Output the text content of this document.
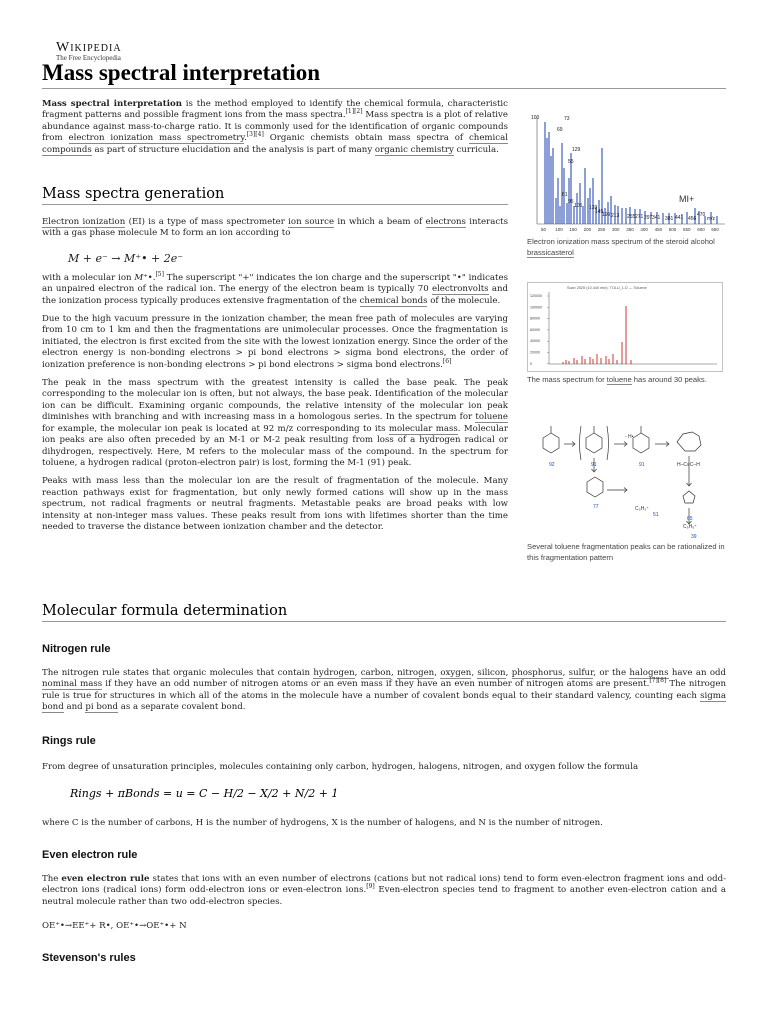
Wikipedia
The Free Encyclopedia
Mass spectral interpretation

Mass spectral interpretation is the method employed to identify the chemical formula, characteristic fragment patterns and possible fragment ions from the mass spectra.[1][2] Mass spectra is a plot of relative abundance against mass-to-charge ratio. It is commonly used for the identification of organic compounds from electron ionization mass spectrometry.[3][4] Organic chemists obtain mass spectra of chemical compounds as part of structure elucidation and the analysis is part of many organic chemistry curricula.

Mass spectra generation

Electron ionization (EI) is a type of mass spectrometer ion source in which a beam of electrons interacts with a gas phase molecule M to form an ion according to

M + e⁻ → M⁺• + 2e⁻

with a molecular ion M⁺•.[5] The superscript "+" indicates the ion charge and the superscript "•" indicates an unpaired electron of the radical ion. The energy of the electron beam is typically 70 electronvolts and the ionization process typically produces extensive fragmentation of the chemical bonds of the molecule.

Due to the high vacuum pressure in the ionization chamber, the mean free path of molecules are varying from 10 cm to 1 km and then the fragmentations are unimolecular processes. Once the fragmentation is initiated, the electron is first excited from the site with the lowest ionization energy. Since the order of the electron energy is non-bonding electrons > pi bond electrons > sigma bond electrons, the order of ionization preference is non-bonding electrons > pi bond electrons > sigma bond electrons.[6]

The peak in the mass spectrum with the greatest intensity is called the base peak. The peak corresponding to the molecular ion is often, but not always, the base peak. Identification of the molecular ion can be difficult. Examining organic compounds, the relative intensity of the molecular ion peak diminishes with branching and with increasing mass in a homologous series. In the spectrum for toluene for example, the molecular ion peak is located at 92 m/z corresponding to its molecular mass. Molecular ion peaks are also often preceded by an M-1 or M-2 peak resulting from loss of a hydrogen radical or dihydrogen, respectively. Here, M refers to the molecular mass of the compound. In the spectrum for toluene, a hydrogen radical (proton-electron pair) is lost, forming the M-1 (91) peak.

Peaks with mass less than the molecular ion are the result of fragmentation of the molecule. Many reaction pathways exist for fragmentation, but only newly formed cations will show up in the mass spectrum, not radical fragments or neutral fragments. Metastable peaks are broad peaks with low intensity at non-integer mass values. These peaks result from ions with lifetimes shorter than the time needed to traverse the distance between ionization chamber and the detector.

100	73
69
55
129
81
95
105 133
145
199 213 255 271 297 341 381 441 456
470
m/z
50 100 150 200 250 300 350 400 450 500 550 600 650
MI+
Electron ionization mass spectrum of the steroid alcohol brassicasterol
Scan 2525 (10.440 min): TOLU_1.D — Toluene
120000
100000
80000
60000
40000
20000
0
The mass spectrum for toluene has around 30 peaks.
92	91	91
77
65
51
39
- H•
H–C≡C–H
C₃H₃⁺
C₅H₅⁺
Several toluene fragmentation peaks can be rationalized in this fragmentation pattern
Molecular formula determination
Nitrogen rule

The nitrogen rule states that organic molecules that contain hydrogen, carbon, nitrogen, oxygen, silicon, phosphorus, sulfur, or the halogens have an odd nominal mass if they have an odd number of nitrogen atoms or an even mass if they have an even number of nitrogen atoms are present.[7][8] The nitrogen rule is true for structures in which all of the atoms in the molecule have a number of covalent bonds equal to their standard valency, counting each sigma bond and pi bond as a separate covalent bond.

Rings rule
From degree of unsaturation principles, molecules containing only carbon, hydrogen, halogens, nitrogen, and oxygen follow the formula
Rings + πBonds = u = C − H/2 − X/2 + N/2 + 1
where C is the number of carbons, H is the number of hydrogens, X is the number of halogens, and N is the number of nitrogen.
Even electron rule

The even electron rule states that ions with an even number of electrons (cations but not radical ions) tend to form even-electron fragment ions and odd-electron ions (radical ions) form odd-electron ions or even-electron ions.[9] Even-electron species tend to fragment to another even-electron cation and a neutral molecule rather than two odd-electron species.

OE⁺•→EE⁺+ R•, OE⁺•→OE⁺•+ N
Stevenson's rules
